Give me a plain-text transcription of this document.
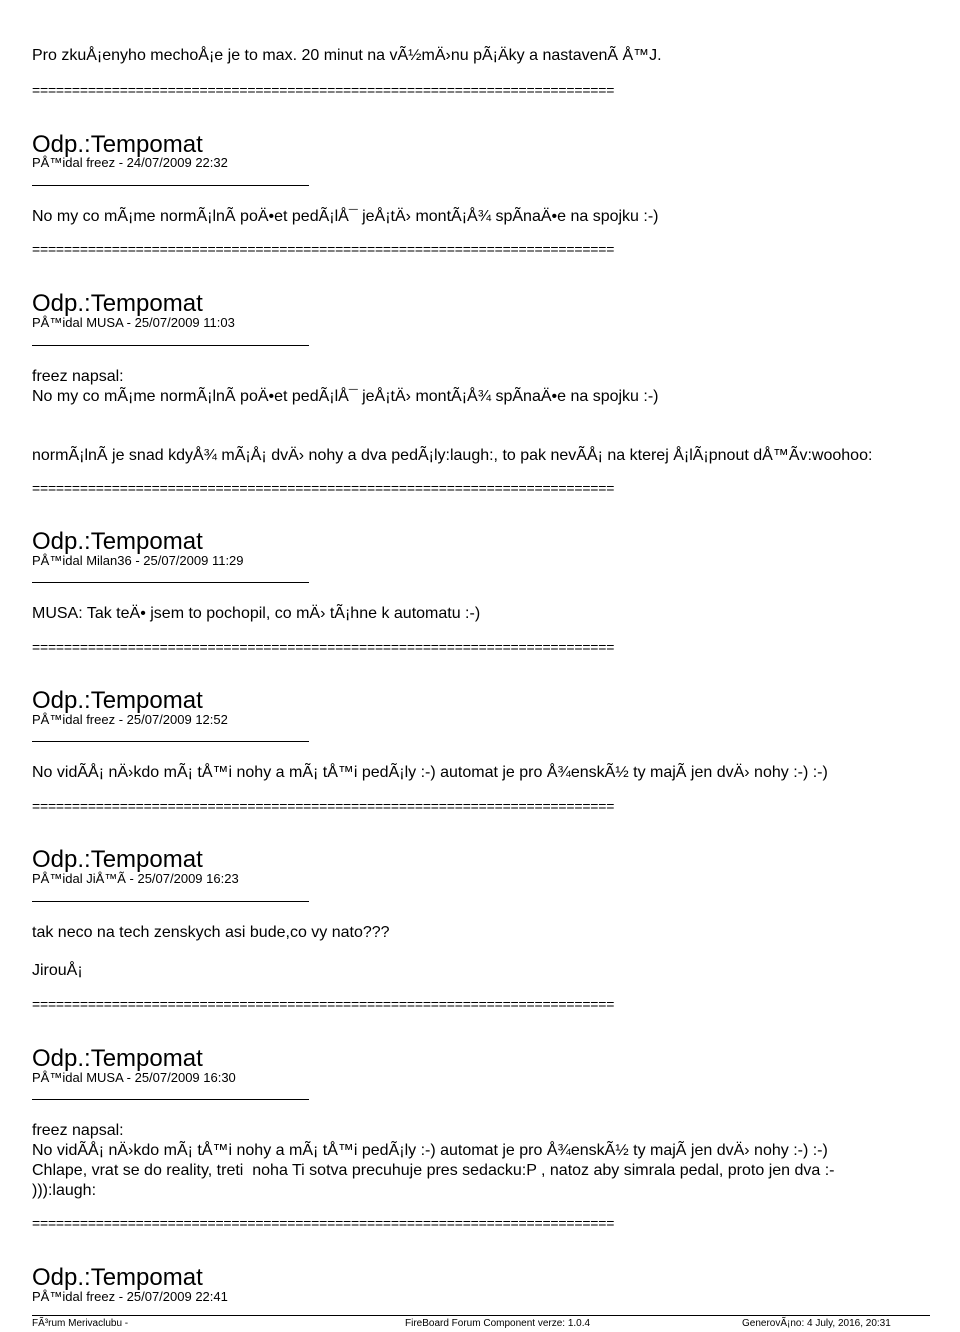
Pro zkuÅ¡enyho mechoÅ¡e je to max. 20 minut na vÃ½mÄ›nu pÃ¡Äky a nastavenÃ Å™J.
=========================================================================
Odp.:Tempomat
PÅ™idal freez - 24/07/2009 22:32
No my co mÃ¡me normÃ¡lnÃ poÄ•et pedÃ¡lÅ¯ jeÅ¡tÄ› montÃ¡Å¾ spÃnaÄ•e na spojku :-)
=========================================================================
Odp.:Tempomat
PÅ™idal MUSA - 25/07/2009 11:03
freez napsal:
No my co mÃ¡me normÃ¡lnÃ poÄ•et pedÃ¡lÅ¯ jeÅ¡tÄ› montÃ¡Å¾ spÃnaÄ•e na spojku :-)
normÃ¡lnÃ je snad kdyÅ¾ mÃ¡Å¡ dvÄ› nohy a dva pedÃ¡ly:laugh:, to pak nevÃÅ¡ na kterej Å¡lÃ¡pnout dÅ™Ãv:woohoo:
=========================================================================
Odp.:Tempomat
PÅ™idal Milan36 - 25/07/2009 11:29
MUSA: Tak teÄ• jsem to pochopil, co mÄ› tÃ¡hne k automatu :-)
=========================================================================
Odp.:Tempomat
PÅ™idal freez - 25/07/2009 12:52
No vidÃÅ¡ nÄ›kdo mÃ¡ tÅ™i nohy a mÃ¡ tÅ™i pedÃ¡ly :-) automat je pro Å¾enskÃ½ ty majÃ jen dvÄ› nohy :-) :-)
=========================================================================
Odp.:Tempomat
PÅ™idal JiÅ™Ã - 25/07/2009 16:23
tak neco na tech zenskych asi bude,co vy nato???
JirouÅ¡
=========================================================================
Odp.:Tempomat
PÅ™idal MUSA - 25/07/2009 16:30
freez napsal:
No vidÃÅ¡ nÄ›kdo mÃ¡ tÅ™i nohy a mÃ¡ tÅ™i pedÃ¡ly :-) automat je pro Å¾enskÃ½ ty majÃ jen dvÄ› nohy :-) :-)
Chlape, vrat se do reality, treti  noha Ti sotva precuhuje pres sedacku:P , natoz aby simrala pedal, proto jen dva :-
))):laugh:
=========================================================================
Odp.:Tempomat
PÅ™idal freez - 25/07/2009 22:41
FÃ³rum Merivaclubu -	FireBoard Forum Component verze: 1.0.4	GenerovÃ¡no: 4 July, 2016, 20:31
